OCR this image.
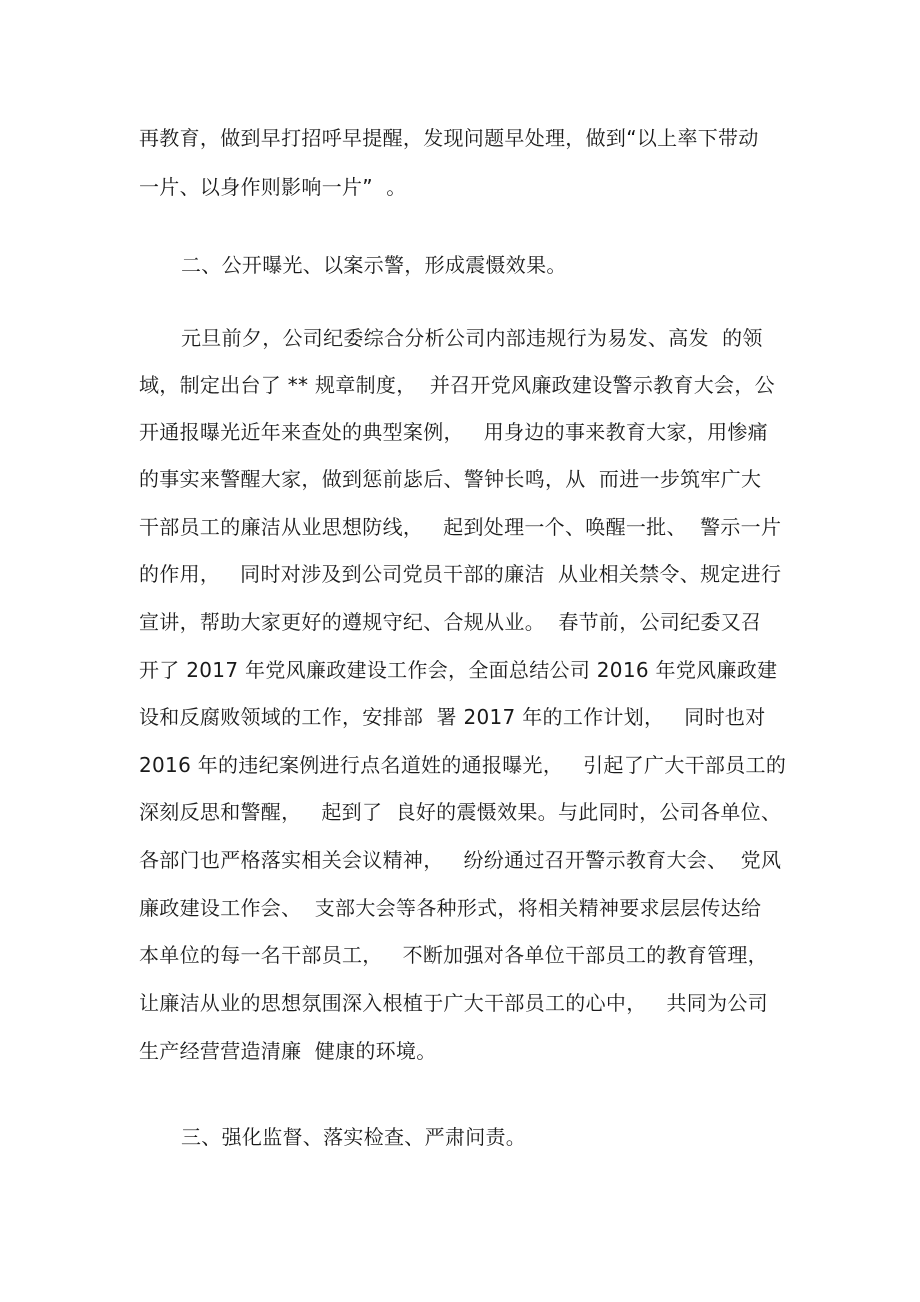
再教育，做到早打招呼早提醒，发现问题早处理，做到“以上率下带动
一片、以身作则影响一片”  。
二、公开曝光、以案示警，形成震慑效果。
元旦前夕，公司纪委综合分析公司内部违规行为易发、高发  的领
域，制定出台了 ** 规章制度，  并召开党风廉政建设警示教育大会，公
开通报曝光近年来查处的典型案例，   用身边的事来教育大家，用惨痛
的事实来警醒大家，做到惩前毖后、警钟长鸣，从  而进一步筑牢广大
干部员工的廉洁从业思想防线，   起到处理一个、唤醒一批、  警示一片
的作用，   同时对涉及到公司党员干部的廉洁  从业相关禁令、规定进行
宣讲，帮助大家更好的遵规守纪、合规从业。  春节前，公司纪委又召
开了 2017 年党风廉政建设工作会，全面总结公司 2016 年党风廉政建
设和反腐败领域的工作，安排部  署 2017 年的工作计划，   同时也对
2016 年的违纪案例进行点名道姓的通报曝光，   引起了广大干部员工的
深刻反思和警醒，   起到了  良好的震慑效果。与此同时，公司各单位、
各部门也严格落实相关会议精神，   纷纷通过召开警示教育大会、  党风
廉政建设工作会、  支部大会等各种形式，将相关精神要求层层传达给
本单位的每一名干部员工，   不断加强对各单位干部员工的教育管理，
让廉洁从业的思想氛围深入根植于广大干部员工的心中，   共同为公司
生产经营营造清廉  健康的环境。
三、强化监督、落实检查、严肃问责。
